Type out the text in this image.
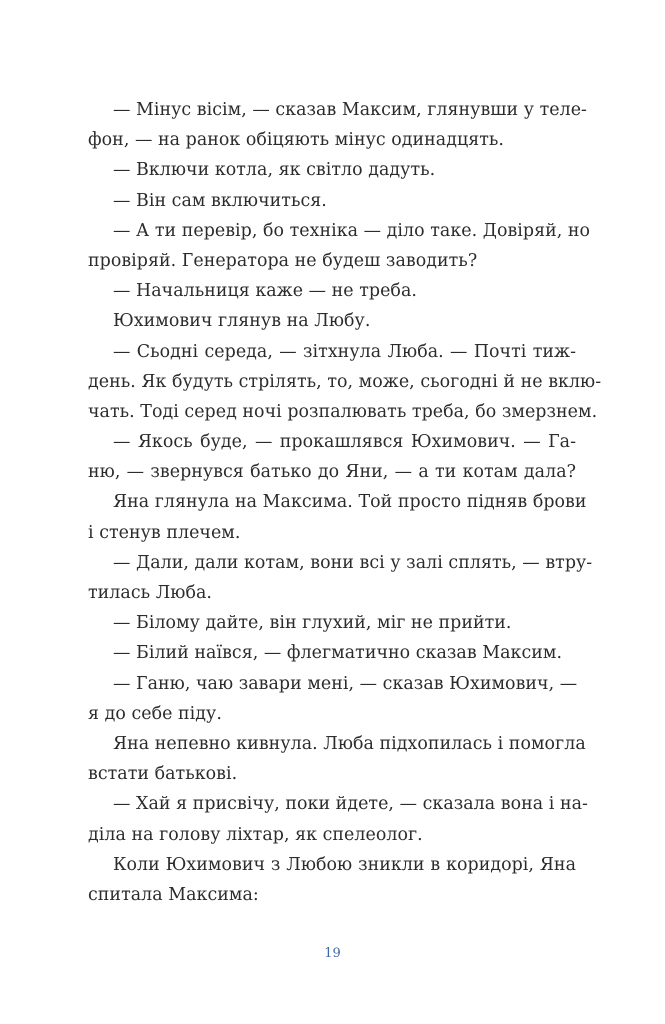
— Мінус вісім, — сказав Максим, глянувши у теле-
фон, — на ранок обіцяють мінус одинадцять.
— Включи котла, як світло дадуть.
— Він сам включиться.
— А ти перевір, бо техніка — діло таке. Довіряй, но
провіряй. Генератора не будеш заводить?
— Начальниця каже — не треба.
Юхимович глянув на Любу.
— Сьодні середа, — зітхнула Люба. — Почті тиж-
день. Як будуть стрілять, то, може, сьогодні й не вклю-
чать. Тоді серед ночі розпалювать треба, бо змерзнем.
— Якось буде, — прокашлявся Юхимович. — Га-
ню, — звернувся батько до Яни, — а ти котам дала?
Яна глянула на Максима. Той просто підняв брови
і стенув плечем.
— Дали, дали котам, вони всі у залі сплять, — втру-
тилась Люба.
— Білому дайте, він глухий, міг не прийти.
— Білий наївся, — флегматично сказав Максим.
— Ганю, чаю завари мені, — сказав Юхимович, —
я до себе піду.
Яна непевно кивнула. Люба підхопилась і помогла
встати батькові.
— Хай я присвічу, поки йдете, — сказала вона і на-
діла на голову ліхтар, як спелеолог.
Коли Юхимович з Любою зникли в коридорі, Яна
спитала Максима:
19
